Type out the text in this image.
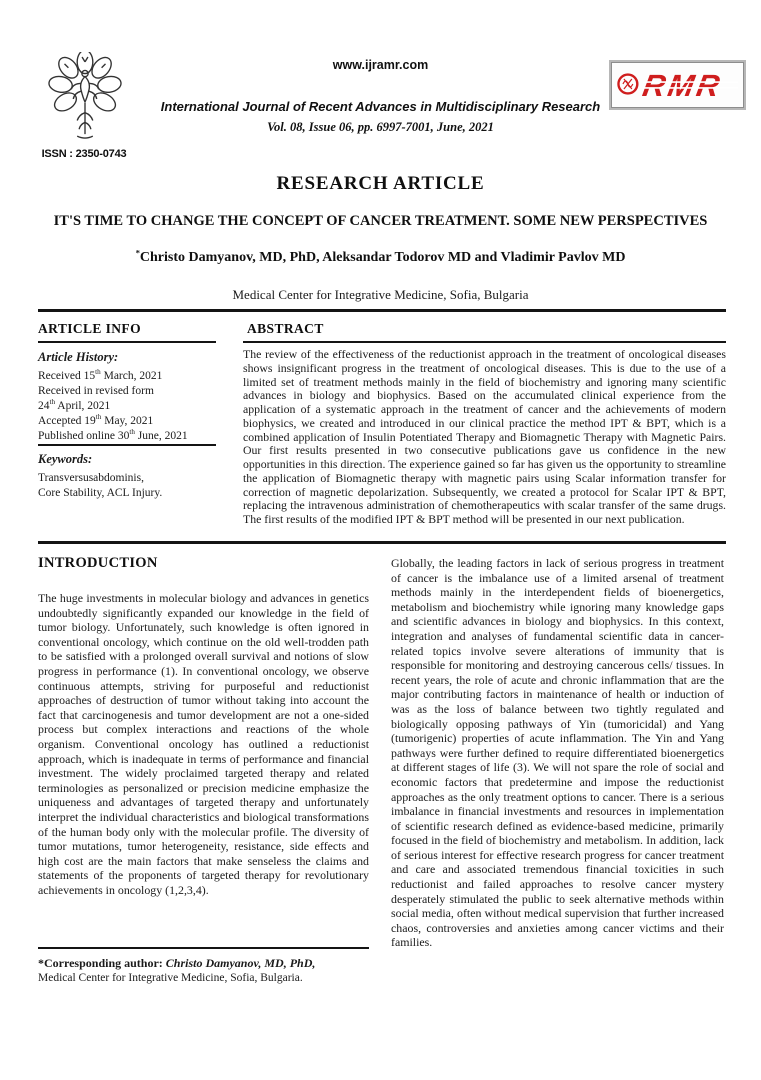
ISSN : 2350-0743
www.ijramr.com
International Journal of Recent Advances in Multidisciplinary Research
Vol. 08, Issue 06, pp. 6997-7001, June, 2021
RMR
RESEARCH ARTICLE
IT'S TIME TO CHANGE THE CONCEPT OF CANCER TREATMENT. SOME NEW PERSPECTIVES
*Christo Damyanov, MD, PhD, Aleksandar Todorov MD and Vladimir Pavlov MD
Medical Center for Integrative Medicine, Sofia, Bulgaria
ARTICLE INFO
Article History:
Received 15th March, 2021
Received in revised form
24th April, 2021
Accepted 19th May, 2021
Published online 30th June, 2021
Keywords:
Transversusabdominis,
Core Stability, ACL Injury.
ABSTRACT
The review of the effectiveness of the reductionist approach in the treatment of oncological diseases shows insignificant progress in the treatment of oncological diseases. This is due to the use of a limited set of treatment methods mainly in the field of biochemistry and ignoring many scientific advances in biology and biophysics. Based on the accumulated clinical experience from the application of a systematic approach in the treatment of cancer and the achievements of modern biophysics, we created and introduced in our clinical practice the method IPT & BPT, which is a combined application of Insulin Potentiated Therapy and Biomagnetic Therapy with Magnetic Pairs. Our first results presented in two consecutive publications gave us confidence in the new opportunities in this direction. The experience gained so far has given us the opportunity to streamline the application of Biomagnetic therapy with magnetic pairs using Scalar information transfer for correction of magnetic depolarization. Subsequently, we created a protocol for Scalar IPT & BPT, replacing the intravenous administration of chemotherapeutics with scalar transfer of the same drugs. The first results of the modified IPT & BPT method will be presented in our next publication.
INTRODUCTION
The huge investments in molecular biology and advances in genetics undoubtedly significantly expanded our knowledge in the field of tumor biology. Unfortunately, such knowledge is often ignored in conventional oncology, which continue on the old well-trodden path to be satisfied with a prolonged overall survival and notions of slow progress in performance (1). In conventional oncology, we observe continuous attempts, striving for purposeful and reductionist approaches of destruction of tumor without taking into account the fact that carcinogenesis and tumor development are not a one-sided process but complex interactions and reactions of the whole organism. Conventional oncology has outlined a reductionist approach, which is inadequate in terms of performance and financial investment. The widely proclaimed targeted therapy and related terminologies as personalized or precision medicine emphasize the uniqueness and advantages of targeted therapy and unfortunately interpret the individual characteristics and biological transformations of the human body only with the molecular profile. The diversity of tumor mutations, tumor heterogeneity, resistance, side effects and high cost are the main factors that make senseless the claims and statements of the proponents of targeted therapy for revolutionary achievements in oncology (1,2,3,4).
Globally, the leading factors in lack of serious progress in treatment of cancer is the imbalance use of a limited arsenal of treatment methods mainly in the interdependent fields of bioenergetics, metabolism and biochemistry while ignoring many knowledge gaps and scientific advances in biology and biophysics. In this context, integration and analyses of fundamental scientific data in cancer-related topics involve severe alterations of immunity that is responsible for monitoring and destroying cancerous cells/ tissues. In recent years, the role of acute and chronic inflammation that are the major contributing factors in maintenance of health or induction of was as the loss of balance between two tightly regulated and biologically opposing pathways of Yin (tumoricidal) and Yang (tumorigenic) properties of acute inflammation. The Yin and Yang pathways were further defined to require differentiated bioenergetics at different stages of life (3). We will not spare the role of social and economic factors that predetermine and impose the reductionist approaches as the only treatment options to cancer. There is a serious imbalance in financial investments and resources in implementation of scientific research defined as evidence-based medicine, primarily focused in the field of biochemistry and metabolism. In addition, lack of serious interest for effective research progress for cancer treatment and care and associated tremendous financial toxicities in such reductionist and failed approaches to resolve cancer mystery desperately stimulated the public to seek alternative methods within social media, often without medical supervision that further increased chaos, controversies and anxieties among cancer victims and their families.
*Corresponding author: Christo Damyanov, MD, PhD,
Medical Center for Integrative Medicine, Sofia, Bulgaria.
